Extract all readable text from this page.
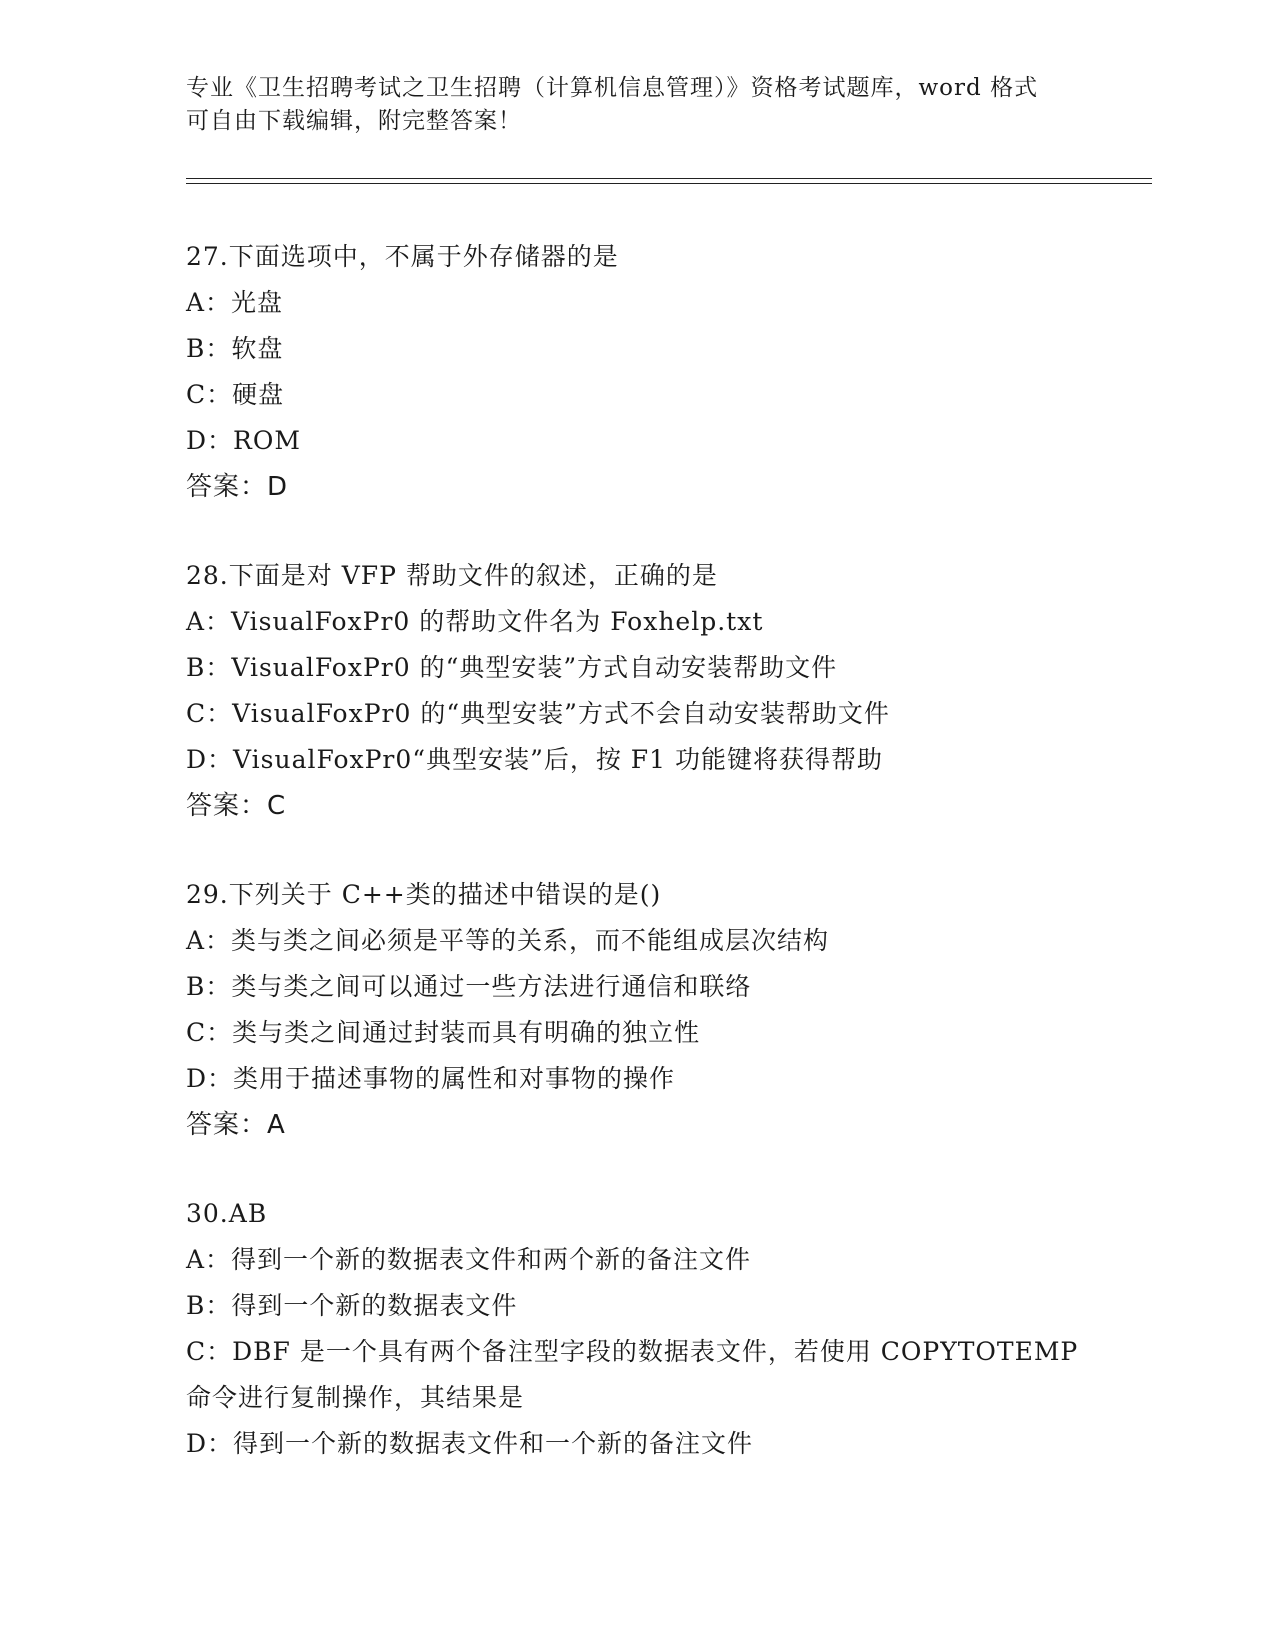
专业《卫生招聘考试之卫生招聘（计算机信息管理）》资格考试题库，word 格式
可自由下载编辑，附完整答案！
27.下面选项中，不属于外存储器的是
A：光盘
B：软盘
C：硬盘
D：ROM
答案：D
28.下面是对 VFP 帮助文件的叙述，正确的是
A：VisualFoxPr0 的帮助文件名为 Foxhelp.txt
B：VisualFoxPr0 的“典型安装”方式自动安装帮助文件
C：VisualFoxPr0 的“典型安装”方式不会自动安装帮助文件
D：VisualFoxPr0“典型安装”后，按 F1 功能键将获得帮助
答案：C
29.下列关于 C++类的描述中错误的是()
A：类与类之间必须是平等的关系，而不能组成层次结构
B：类与类之间可以通过一些方法进行通信和联络
C：类与类之间通过封装而具有明确的独立性
D：类用于描述事物的属性和对事物的操作
答案：A
30.AB
A：得到一个新的数据表文件和两个新的备注文件
B：得到一个新的数据表文件
C：DBF 是一个具有两个备注型字段的数据表文件，若使用 COPYTOTEMP
命令进行复制操作，其结果是
D：得到一个新的数据表文件和一个新的备注文件
